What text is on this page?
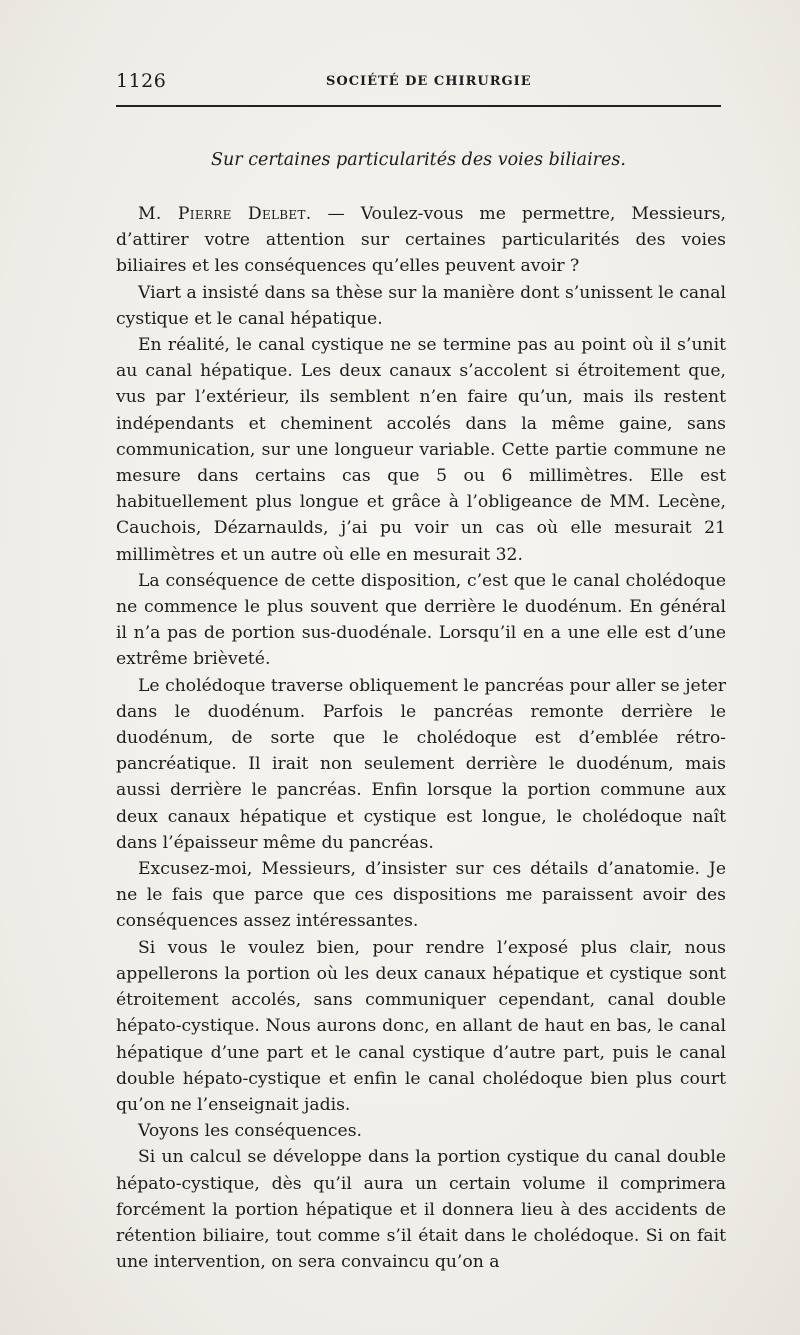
1126	SOCIÉTÉ DE CHIRURGIE
Sur certaines particularités des voies biliaires.

M. Pierre Delbet. — Voulez-vous me permettre, Messieurs, d’attirer votre attention sur certaines particularités des voies biliaires et les conséquences qu’elles peuvent avoir ?

Viart a insisté dans sa thèse sur la manière dont s’unissent le canal cystique et le canal hépatique.

En réalité, le canal cystique ne se termine pas au point où il s’unit au canal hépatique. Les deux canaux s’accolent si étroitement que, vus par l’extérieur, ils semblent n’en faire qu’un, mais ils restent indépendants et cheminent accolés dans la même gaine, sans communication, sur une longueur variable. Cette partie commune ne mesure dans certains cas que 5 ou 6 millimètres. Elle est habituellement plus longue et grâce à l’obligeance de MM. Lecène, Cauchois, Dézarnaulds, j’ai pu voir un cas où elle mesurait 21 millimètres et un autre où elle en mesurait 32.

La conséquence de cette disposition, c’est que le canal cholédoque ne commence le plus souvent que derrière le duodénum. En général il n’a pas de portion sus-duodénale. Lorsqu’il en a une elle est d’une extrême brièveté.

Le cholédoque traverse obliquement le pancréas pour aller se jeter dans le duodénum. Parfois le pancréas remonte derrière le duodénum, de sorte que le cholédoque est d’emblée rétro-pancréatique. Il irait non seulement derrière le duodénum, mais aussi derrière le pancréas. Enfin lorsque la portion commune aux deux canaux hépatique et cystique est longue, le cholédoque naît dans l’épaisseur même du pancréas.

Excusez-moi, Messieurs, d’insister sur ces détails d’anatomie. Je ne le fais que parce que ces dispositions me paraissent avoir des conséquences assez intéressantes.

Si vous le voulez bien, pour rendre l’exposé plus clair, nous appellerons la portion où les deux canaux hépatique et cystique sont étroitement accolés, sans communiquer cependant, canal double hépato-cystique. Nous aurons donc, en allant de haut en bas, le canal hépatique d’une part et le canal cystique d’autre part, puis le canal double hépato-cystique et enfin le canal cholédoque bien plus court qu’on ne l’enseignait jadis.

Voyons les conséquences.

Si un calcul se développe dans la portion cystique du canal double hépato-cystique, dès qu’il aura un certain volume il comprimera forcément la portion hépatique et il donnera lieu à des accidents de rétention biliaire, tout comme s’il était dans le cholédoque. Si on fait une intervention, on sera convaincu qu’on a
